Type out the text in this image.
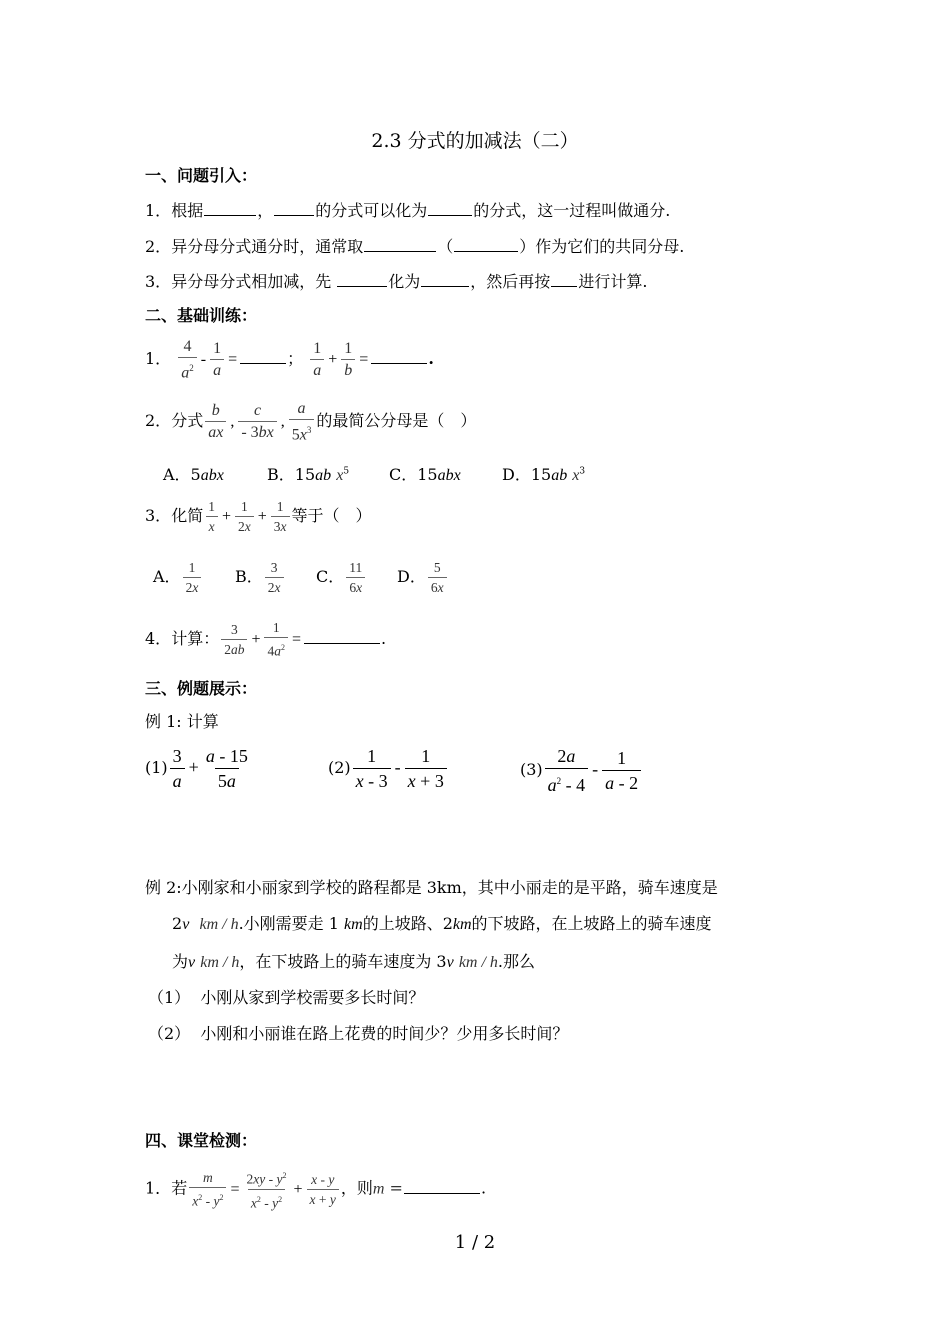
2.3 分式的加减法（二）
一、问题引入：
1．根据	，	的分式可以化为	的分式，这一过程叫做通分.
2．异分母分式通分时，通常取	（	）作为它们的共同分母.
3．异分母分式相加减，先	化为	，然后再按 进行计算.
二、基础训练：
1． $\frac{4}{a^2} - \frac{1}{a}$ =	； $\frac{1}{a} + \frac{1}{b}$ =	.
2．分式 $\frac{b}{ax}$ , $\frac{c}{- 3bx}$ , $\frac{a}{5x^3}$ 的最简公分母是（　）
A．5abx	B．15ab $x^5$ C．15abx	D．15ab $x^3$
3．化简 $\frac{1}{x} + \frac{1}{2x} + \frac{1}{3x}$ 等于（　）
A． $\frac{1}{2x}$ B． $\frac{3}{2x}$ C． $\frac{11}{6x}$ D． $\frac{5}{6x}$
4．计算： $\frac{3}{2ab} + \frac{1}{4a^2}$ =	.
三、例题展示：
例 1: 计算
$(1) \frac{3}{a} + \frac{a - 15}{5a}$	$(2) \frac{1}{x - 3} - \frac{1}{x + 3}$	$(3) \frac{2a}{a^2 - 4} - \frac{1}{a - 2}$
例 2:小刚家和小丽家到学校的路程都是 3km，其中小丽走的是平路，骑车速度是
2v km / h.小刚需要走 1 km的上坡路、2km的下坡路，在上坡路上的骑车速度
为v km / h，在下坡路上的骑车速度为 3v km / h.那么
（1） 小刚从家到学校需要多长时间？
（2） 小刚和小丽谁在路上花费的时间少？少用多长时间？
四、课堂检测：
1．若 $\frac{m}{x^2 - y^2} = \frac{2xy - y^2}{x^2 - y^2} + \frac{x - y}{x + y}$ ，则m =	.
1 / 2
